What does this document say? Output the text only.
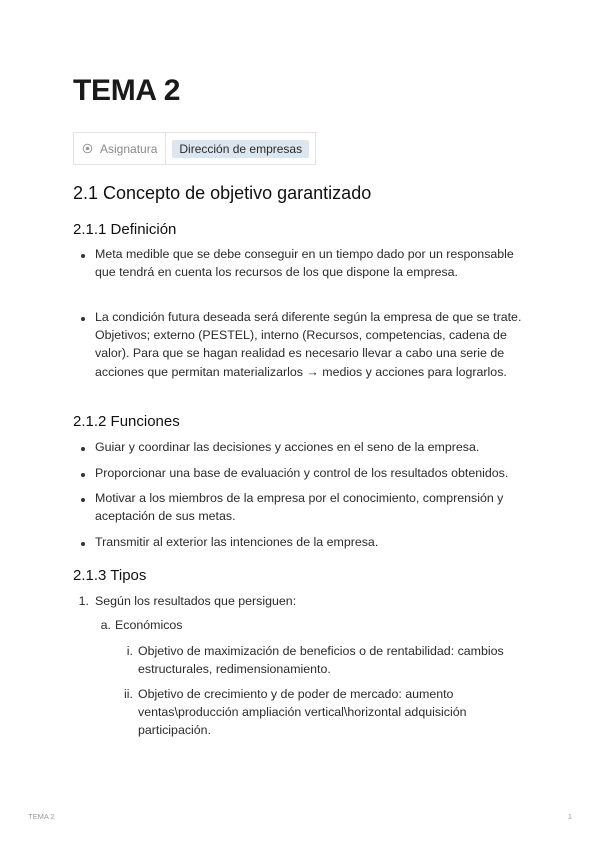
TEMA 2
Asignatura	Dirección de empresas
2.1 Concepto de objetivo garantizado
2.1.1 Definición
Meta medible que se debe conseguir en un tiempo dado por un responsable que tendrá en cuenta los recursos de los que dispone la empresa.
La condición futura deseada será diferente según la empresa de que se trate. Objetivos; externo (PESTEL), interno (Recursos, competencias, cadena de valor). Para que se hagan realidad es necesario llevar a cabo una serie de acciones que permitan materializarlos → medios y acciones para lograrlos.
2.1.2 Funciones
Guiar y coordinar las decisiones y acciones en el seno de la empresa.
Proporcionar una base de evaluación y control de los resultados obtenidos.
Motivar a los miembros de la empresa por el conocimiento, comprensión y aceptación de sus metas.
Transmitir al exterior las intenciones de la empresa.
2.1.3 Tipos
1. Según los resultados que persiguen:
a. Económicos
i. Objetivo de maximización de beneficios o de rentabilidad: cambios estructurales, redimensionamiento.
ii. Objetivo de crecimiento y de poder de mercado: aumento ventas\producción ampliación vertical\horizontal adquisición participación.
TEMA 2	1
